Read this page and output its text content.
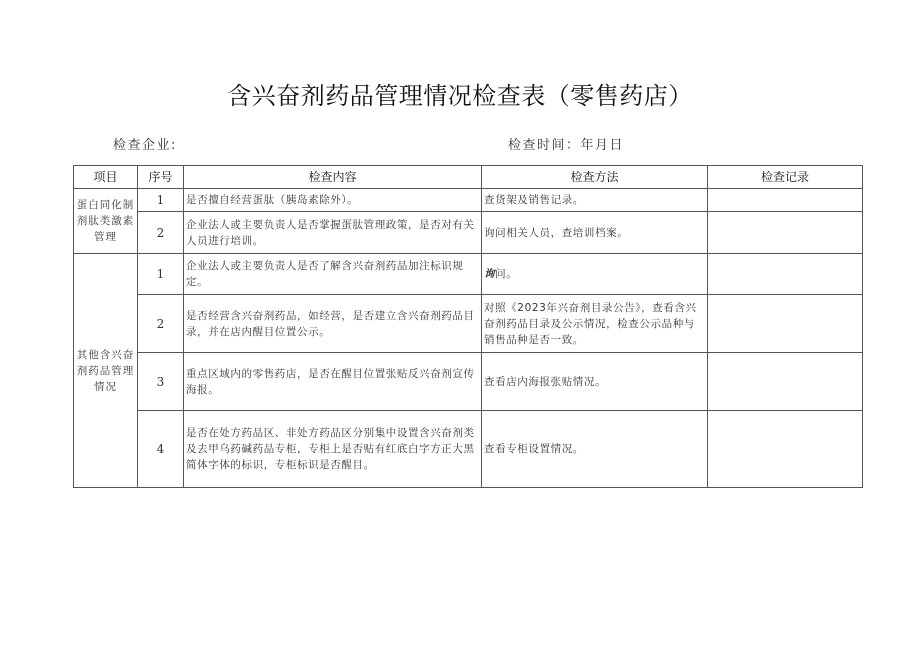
含兴奋剂药品管理情况检查表（零售药店）
检查企业:	检查时间：年月日
项目	序号	检查内容	检查方法	检查记录
蛋白同化制剂肽类激素管理	1	是否擅自经营蛋肽（胰岛素除外）。	查货架及销售记录。	
	2	企业法人或主要负责人是否掌握蛋肽管理政策，是否对有关人员进行培训。	询问相关人员，查培训档案。	
其他含兴奋剂药品管理情况	1	企业法人或主要负责人是否了解含兴奋剂药品加注标识规定。	询问。	
	2	是否经营含兴奋剂药品，如经营，是否建立含兴奋剂药品目录，并在店内醒目位置公示。	对照《2023年兴奋剂目录公告》，查看含兴奋剂药品目录及公示情况，检查公示品种与销售品种是否一致。	
	3	重点区域内的零售药店，是否在醒目位置张贴反兴奋剂宣传海报。	查看店内海报张贴情况。	
	4	是否在处方药品区、非处方药品区分别集中设置含兴奋剂类及去甲乌药碱药品专柜，专柜上是否贴有红底白字方正大黑简体字体的标识，专柜标识是否醒目。	查看专柜设置情况。	
